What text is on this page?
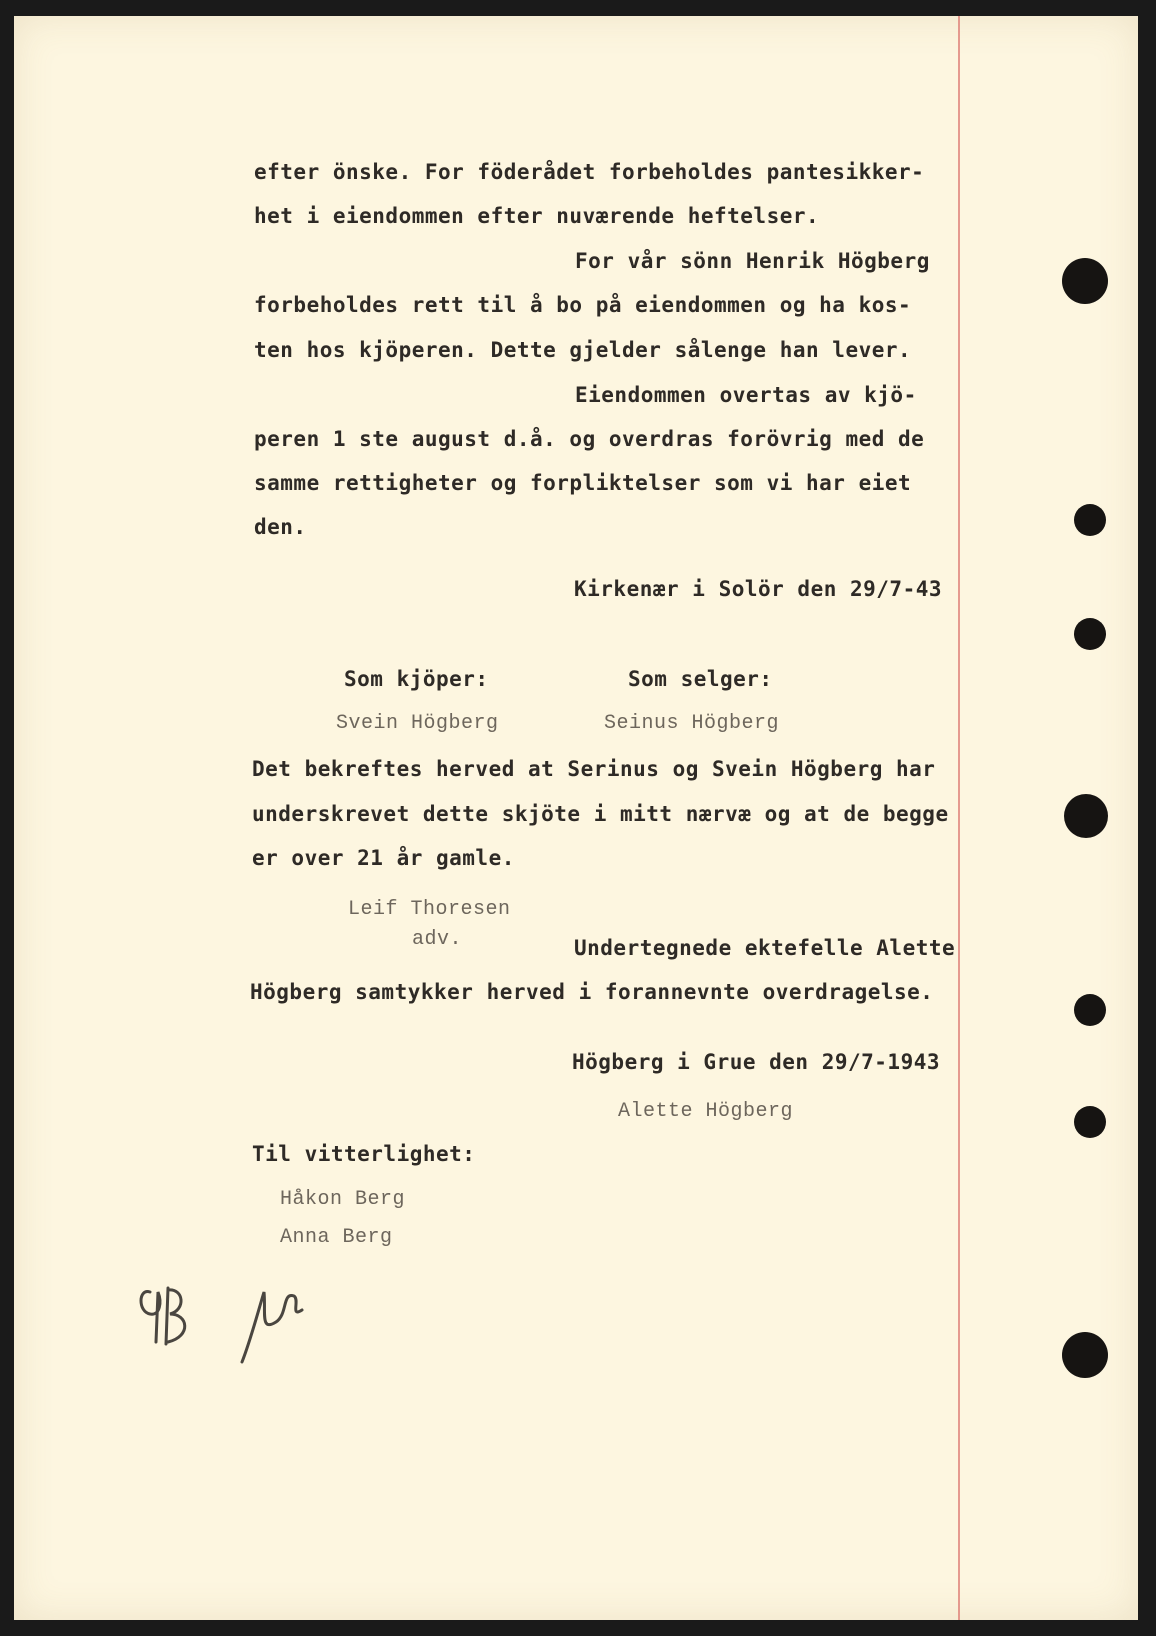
efter önske. For föderådet forbeholdes pantesikker-
het i eiendommen efter nuværende heftelser.
For vår sönn Henrik Högberg
forbeholdes rett til å bo på eiendommen og ha kos-
ten hos kjöperen. Dette gjelder sålenge han lever.
Eiendommen overtas av kjö-
peren 1 ste august d.å. og overdras forövrig med de
samme rettigheter og forpliktelser som vi har eiet
den.
Kirkenær i Solör den 29/7-43
Som kjöper:	Som selger:
Svein Högberg	Seinus Högberg
Det bekreftes herved at Serinus og Svein Högberg har
underskrevet dette skjöte i mitt nærvæ og at de begge
er over 21 år gamle.
Leif Thoresen
adv.	Undertegnede ektefelle Alette
Högberg samtykker herved i forannevnte overdragelse.
Högberg i Grue den 29/7-1943
Alette Högberg
Til vitterlighet:
Håkon Berg
Anna Berg
